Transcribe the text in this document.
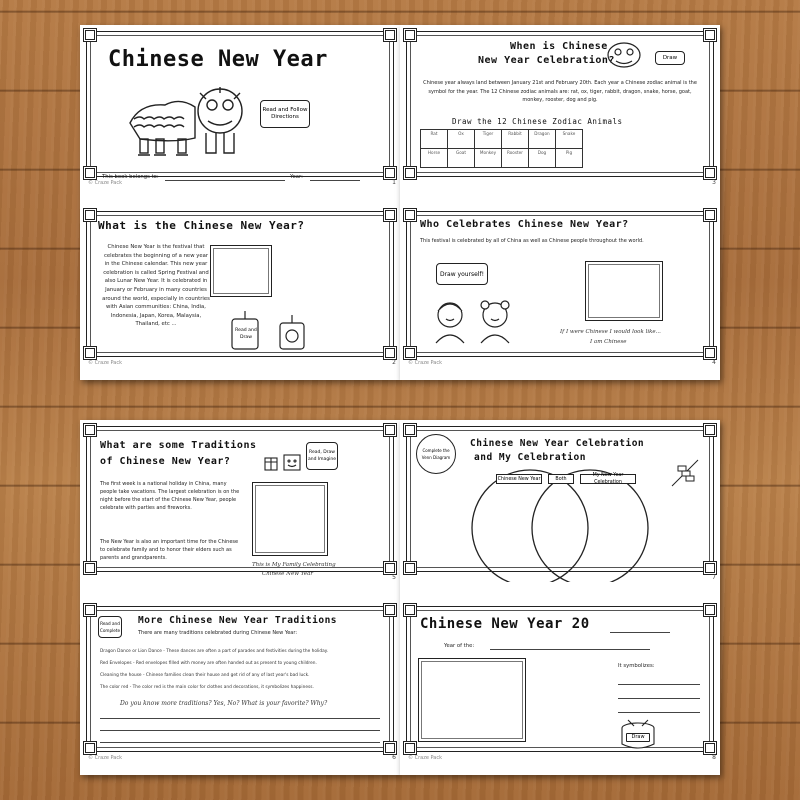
Chinese New Year
Read and Follow Directions
This book belongs to:	Year:
© Craze Pack	1
What is the Chinese New Year?
Chinese New Year is the festival that celebrates the beginning of a new year in the Chinese calendar. This new year celebration is called Spring Festival and also Lunar New Year. It is celebrated in January or February in many countries around the world, especially in countries with Asian communities: China, India, Indonesia, Japan, Korea, Malaysia, Thailand, etc ...
Read and Draw
© Craze Pack	2
When is Chinese
New Year Celebration?	Draw
Chinese year always land between January 21st and February 20th. Each year a Chinese zodiac animal is the symbol for the year. The 12 Chinese zodiac animals are: rat, ox, tiger, rabbit, dragon, snake, horse, goat, monkey, rooster, dog and pig.
Draw the 12 Chinese Zodiac Animals
Rat	Ox	Tiger	Rabbit	Dragon	Snake
Horse	Goat	Monkey	Rooster	Dog	Pig
3
Who Celebrates Chinese New Year?
This festival is celebrated by all of China as well as Chinese people throughout the world.
Draw yourself!
If I were Chinese I would look like...
I am Chinese
© Craze Pack	4
What are some Traditions
of Chinese New Year?
Read, Draw and Imagine
The first week is a national holiday in China, many people take vacations. The largest celebration is on the night before the start of the Chinese New Year, people celebrate with parties and fireworks.
The New Year is also an important time for the Chinese to celebrate family and to honor their elders such as parents and grandparents.
This is My Family Celebrating
Chinese New Year	5
Read and Complete
More Chinese New Year Traditions
There are many traditions celebrated during Chinese New Year:
Dragon Dance or Lion Dance - These dances are often a part of parades and festivities during the holiday.
Red Envelopes - Red envelopes filled with money are often handed out as present to young children.
Cleaning the house - Chinese families clean their house and get rid of any of last year's bad luck.
The color red - The color red is the main color for clothes and decorations, it symbolizes happiness.
Do you know more traditions? Yes, No? What is your favorite? Why?
© Craze Pack	6
Complete the Venn Diagram
Chinese New Year Celebration
and My Celebration
Chinese New Year	Both
My New Year Celebration
7
Chinese New Year 20
Year of the:
It symbolizes:
Draw
© Craze Pack	8
